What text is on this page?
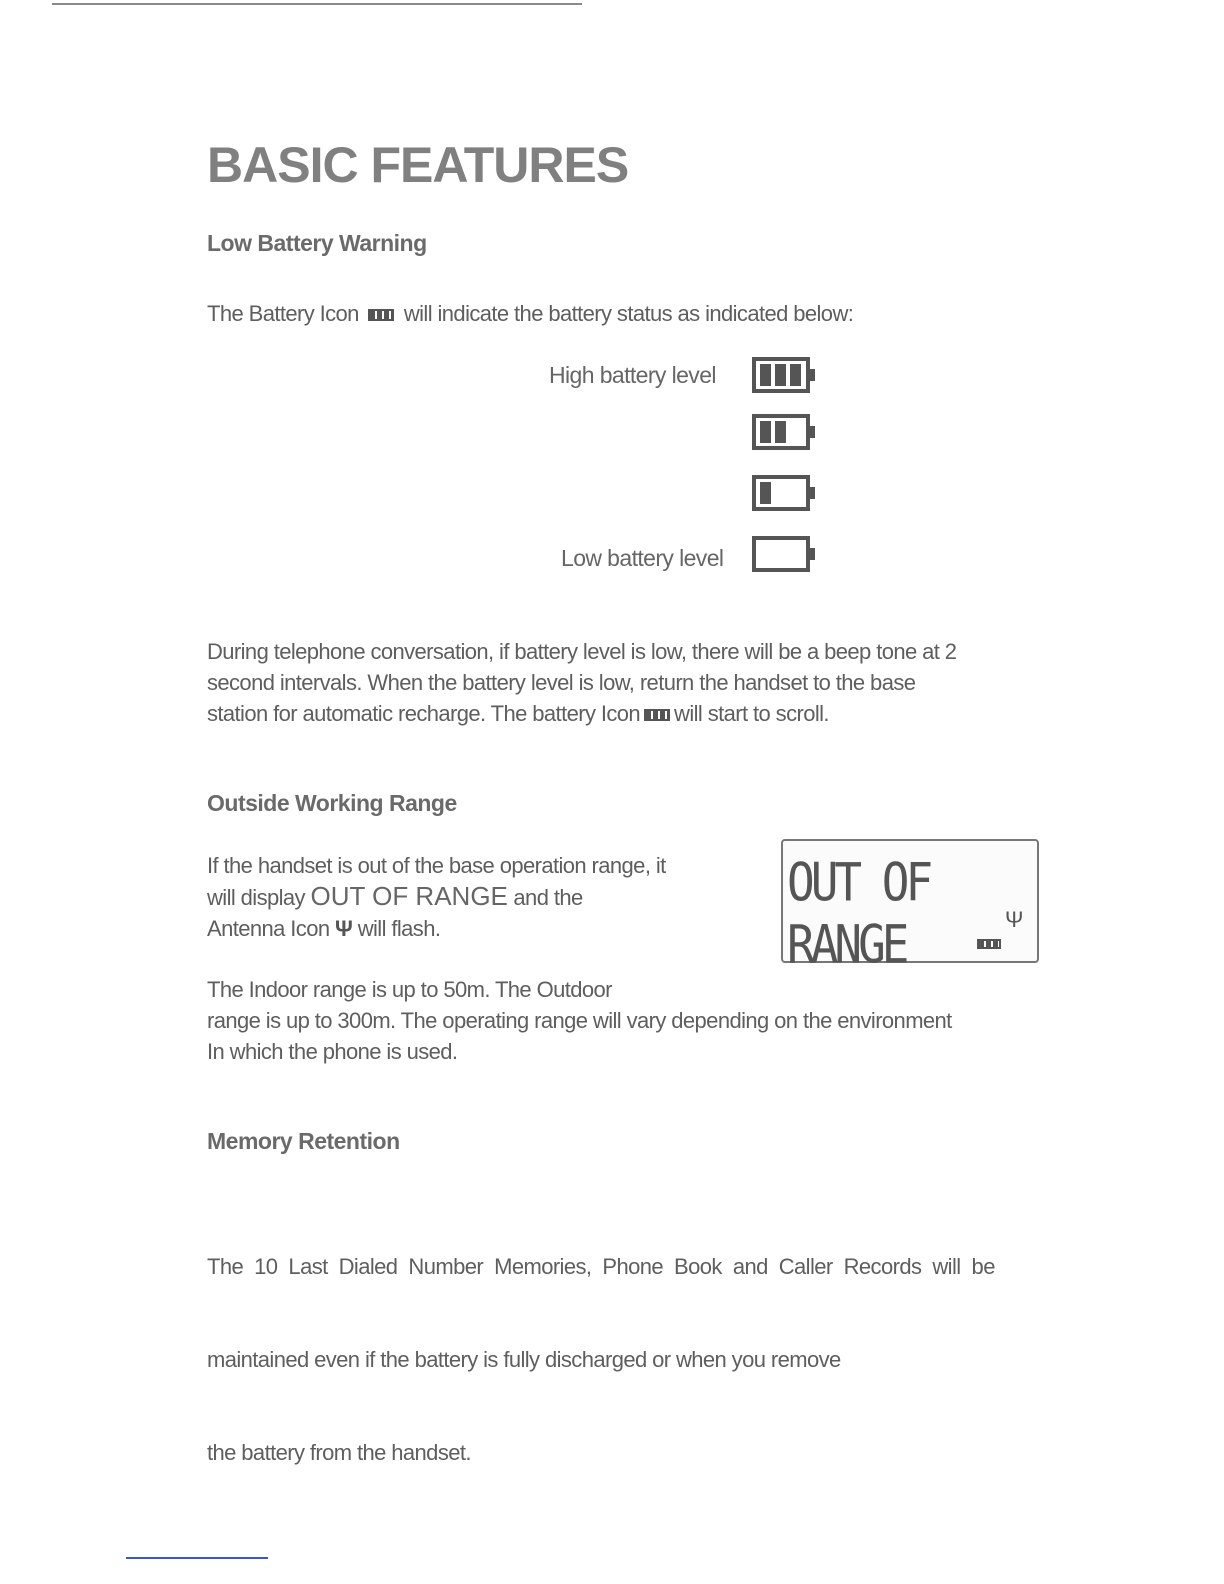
BASIC FEATURES
Low Battery Warning

The Battery Icon will indicate the battery status as indicated below:

High battery level
Low battery level
During telephone conversation, if battery level is low, there will be a beep tone at 2
second intervals. When the battery level is low, return the handset to the base
station for automatic recharge. The battery Icon will start to scroll.
Outside Working Range
If the handset is out of the base operation range, it
will display OUT OF RANGE and the
Antenna Icon Ψ will flash.
OUT OF RANGE	Ψ
The Indoor range is up to 50m. The Outdoor
range is up to 300m. The operating range will vary depending on the environment
In which the phone is used.
Memory Retention

The  10  Last  Dialed  Number  Memories,  Phone  Book  and  Caller  Records  will  be

maintained even if the battery is fully discharged or when you remove

the battery from the handset.
